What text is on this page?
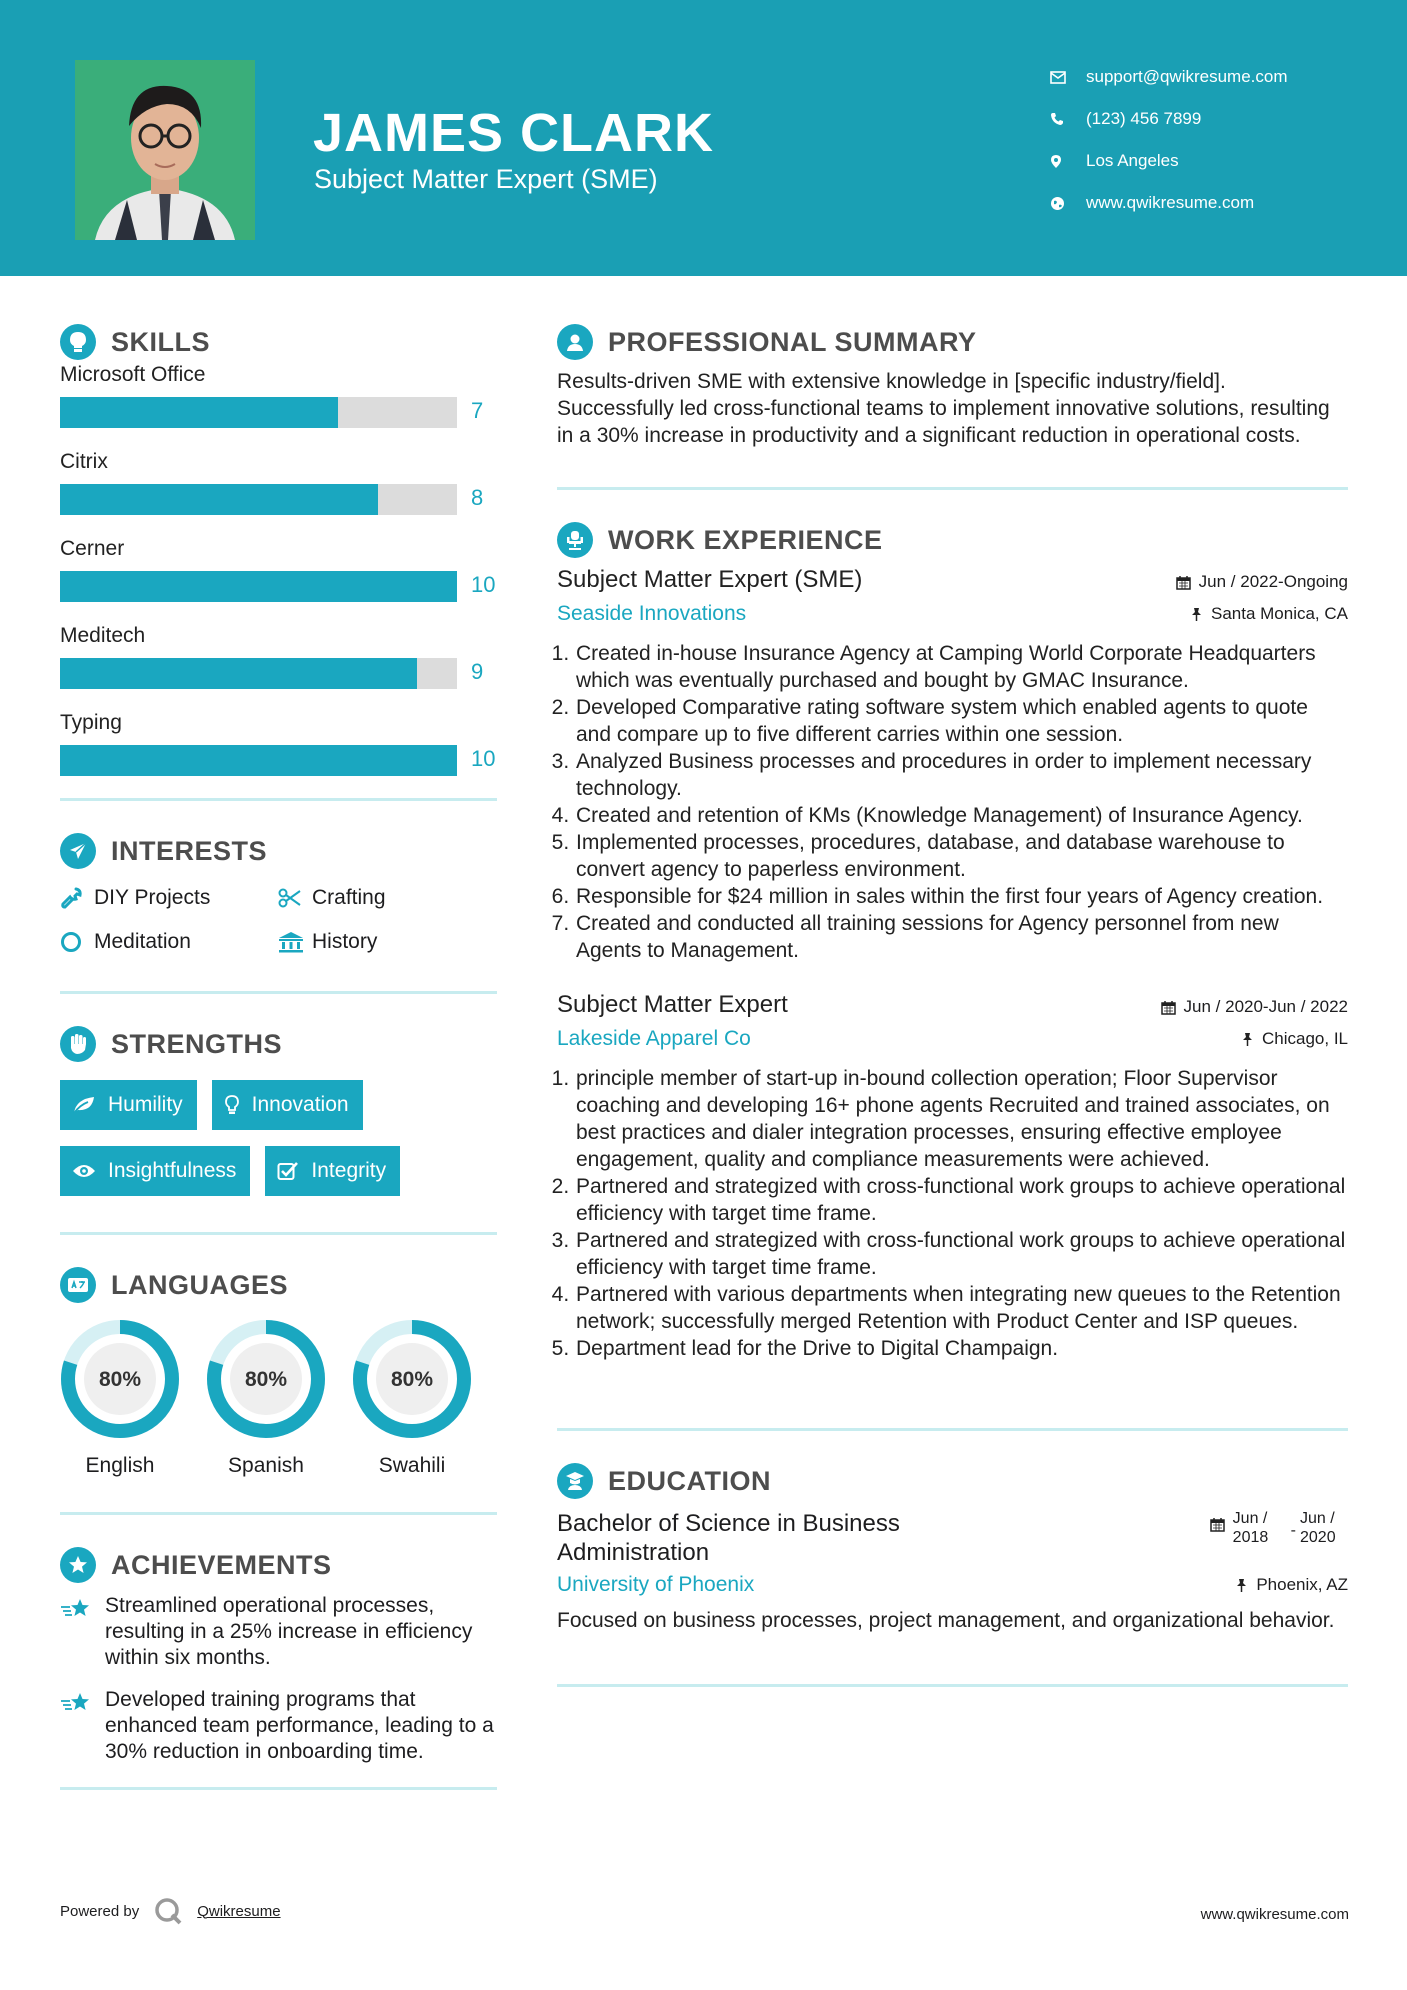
JAMES CLARK
Subject Matter Expert (SME)
support@qwikresume.com
(123) 456 7899
Los Angeles
www.qwikresume.com
SKILLS
Microsoft Office
7
Citrix
8
Cerner
10
Meditech
9
Typing
10
INTERESTS
DIY Projects	Crafting
Meditation	History
STRENGTHS
Humility	Innovation
Insightfulness	Integrity
LANGUAGES
80%
English
80%
Spanish
80%
Swahili
ACHIEVEMENTS
Streamlined operational processes, resulting in a 25% increase in efficiency within six months.
Developed training programs that enhanced team performance, leading to a 30% reduction in onboarding time.
PROFESSIONAL SUMMARY
Results-driven SME with extensive knowledge in [specific industry/field]. Successfully led cross-functional teams to implement innovative solutions, resulting in a 30% increase in productivity and a significant reduction in operational costs.
WORK EXPERIENCE
Subject Matter Expert (SME)	Jun / 2022-Ongoing
Seaside Innovations	Santa Monica, CA
1. Created in-house Insurance Agency at Camping World Corporate Headquarters which was eventually purchased and bought by GMAC Insurance.
2. Developed Comparative rating software system which enabled agents to quote and compare up to five different carries within one session.
3. Analyzed Business processes and procedures in order to implement necessary technology.
4. Created and retention of KMs (Knowledge Management) of Insurance Agency.
5. Implemented processes, procedures, database, and database warehouse to convert agency to paperless environment.
6. Responsible for $24 million in sales within the first four years of Agency creation.
7. Created and conducted all training sessions for Agency personnel from new Agents to Management.
Subject Matter Expert	Jun / 2020-Jun / 2022
Lakeside Apparel Co	Chicago, IL
1. principle member of start-up in-bound collection operation; Floor Supervisor coaching and developing 16+ phone agents Recruited and trained associates, on best practices and dialer integration processes, ensuring effective employee engagement, quality and compliance measurements were achieved.
2. Partnered and strategized with cross-functional work groups to achieve operational efficiency with target time frame.
3. Partnered and strategized with cross-functional work groups to achieve operational efficiency with target time frame.
4. Partnered with various departments when integrating new queues to the Retention network; successfully merged Retention with Product Center and ISP queues.
5. Department lead for the Drive to Digital Champaign.
EDUCATION
Bachelor of Science in Business Administration
Jun / 2018	-
Jun / 2020
University of Phoenix	Phoenix, AZ
Focused on business processes, project management, and organizational behavior.
Powered by	Qwikresume	www.qwikresume.com
